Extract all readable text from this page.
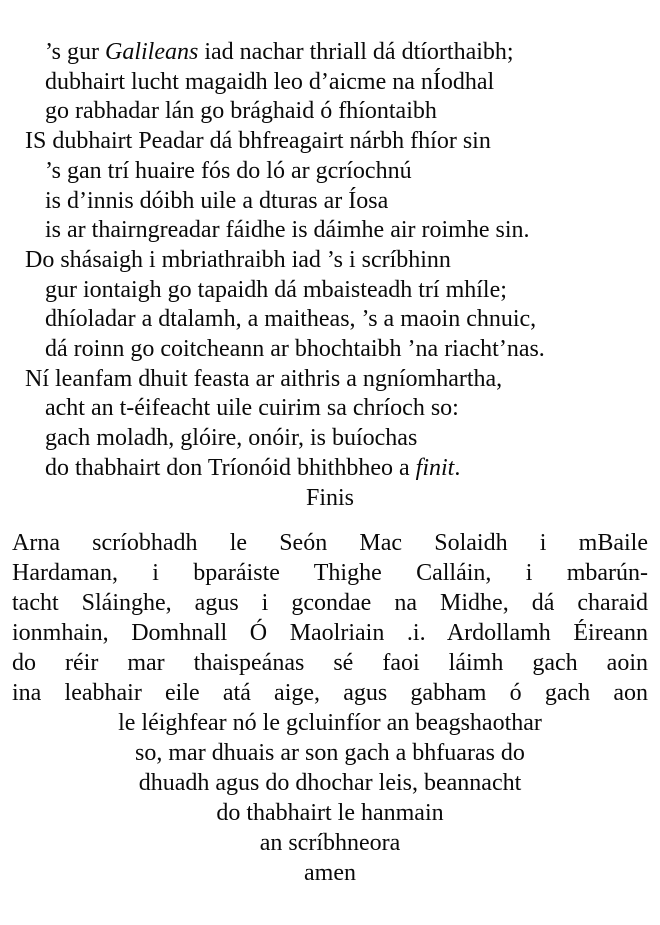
’s gur Galileans iad nachar thriall dá dtíorthaibh;
dubhairt lucht magaidh leo d’aicme na nÍodhal
go rabhadar lán go brághaid ó fhíontaibh
IS dubhairt Peadar dá bhfreagairt nárbh fhíor sin
’s gan trí huaire fós do ló ar gcríochnú
is d’innis dóibh uile a dturas ar Íosa
is ar thairngreadar fáidhe is dáimhe air roimhe sin.
Do shásaigh i mbriathraibh iad ’s i scríbhinn
gur iontaigh go tapaidh dá mbaisteadh trí mhíle;
dhíoladar a dtalamh, a maitheas, ’s a maoin chnuic,
dá roinn go coitcheann ar bhochtaibh ’na riacht’nas.
Ní leanfam dhuit feasta ar aithris a ngníomhartha,
acht an t-éifeacht uile cuirim sa chríoch so:
gach moladh, glóire, onóir, is buíochas
do thabhairt don Tríonóid bhithbheo a finit.
Finis
Arna scríobhadh le Seón Mac Solaidh i mBaile
Hardaman, i bparáiste Thighe Calláin, i mbarún-
tacht Sláinghe, agus i gcondae na Midhe, dá charaid
ionmhain, Domhnall Ó Maolriain .i. Ardollamh Éireann
do réir mar thaispeánas sé faoi láimh gach aoin
ina leabhair eile atá aige, agus gabham ó gach aon
le léighfear nó le gcluinfíor an beagshaothar
so, mar dhuais ar son gach a bhfuaras do
dhuadh agus do dhochar leis, beannacht
do thabhairt le hanmain
an scríbhneora
amen
